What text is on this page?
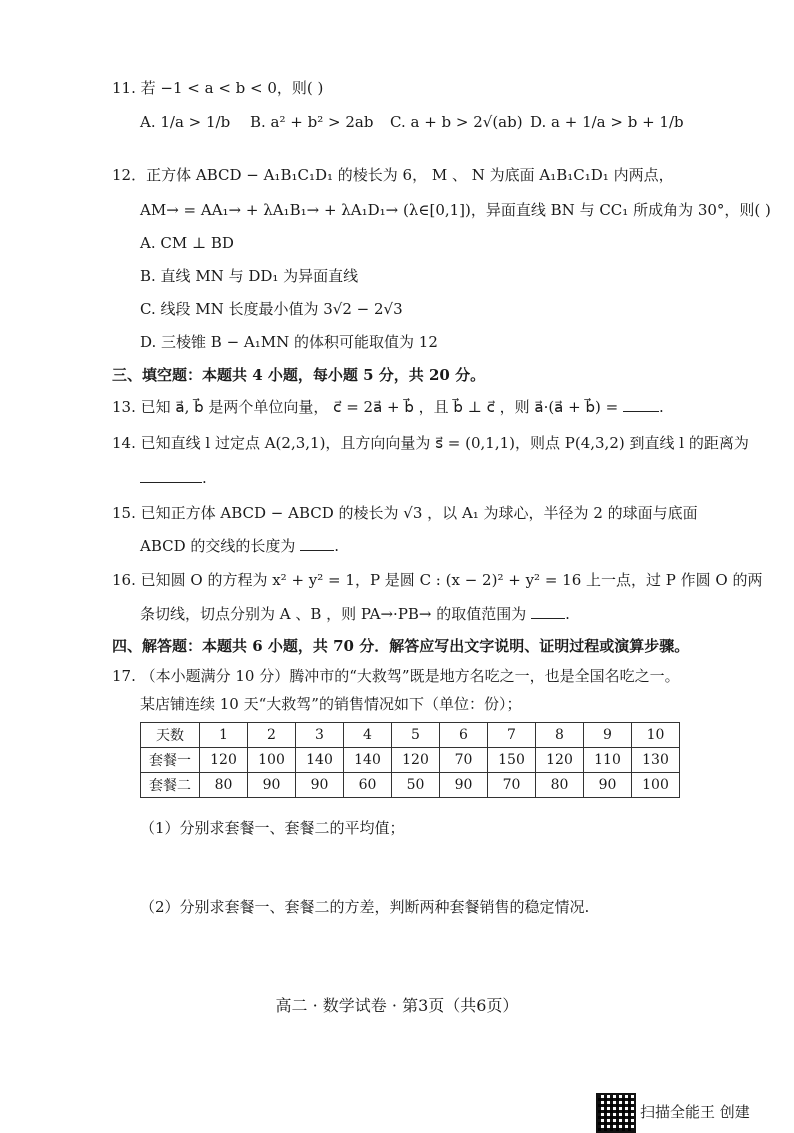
11. 若 −1 < a < b < 0，则( )
A. 1/a > 1/b B. a² + b² > 2ab C. a + b > 2√(ab) D. a + 1/a > b + 1/b
12．正方体 ABCD − A₁B₁C₁D₁ 的棱长为 6， M 、 N 为底面 A₁B₁C₁D₁ 内两点，
AM→ = AA₁→ + λA₁B₁→ + λA₁D₁→ (λ∈[0,1])，异面直线 BN 与 CC₁ 所成角为 30°，则( )
A. CM ⊥ BD
B. 直线 MN 与 DD₁ 为异面直线
C. 线段 MN 长度最小值为 3√2 − 2√3
D. 三棱锥 B − A₁MN 的体积可能取值为 12
三、填空题：本题共 4 小题，每小题 5 分，共 20 分。
13. 已知 a⃗, b⃗ 是两个单位向量， c⃗ = 2a⃗ + b⃗ ，且 b⃗ ⊥ c⃗ ，则 a⃗·(a⃗ + b⃗) =	.
14. 已知直线 l 过定点 A(2,3,1)，且方向向量为 s⃗ = (0,1,1)，则点 P(4,3,2) 到直线 l 的距离为
.
15. 已知正方体 ABCD − ABCD 的棱长为 √3 ，以 A₁ 为球心，半径为 2 的球面与底面
ABCD 的交线的长度为	.
16. 已知圆 O 的方程为 x² + y² = 1，P 是圆 C : (x − 2)² + y² = 16 上一点，过 P 作圆 O 的两
条切线，切点分别为 A 、B ，则 PA→·PB→ 的取值范围为	.
四、解答题：本题共 6 小题，共 70 分．解答应写出文字说明、证明过程或演算步骤。
17. （本小题满分 10 分）腾冲市的“大救驾”既是地方名吃之一，也是全国名吃之一。
某店铺连续 10 天“大救驾”的销售情况如下（单位：份）；
天数	1	2	3	4	5	6	7	8	9	10
套餐一	120	100	140	140	120	70	150	120	110	130
套餐二	80	90	90	60	50	90	70	80	90	100
（1）分别求套餐一、套餐二的平均值；
（2）分别求套餐一、套餐二的方差，判断两种套餐销售的稳定情况.
高二 · 数学试卷 · 第3页（共6页）
扫描全能王 创建
